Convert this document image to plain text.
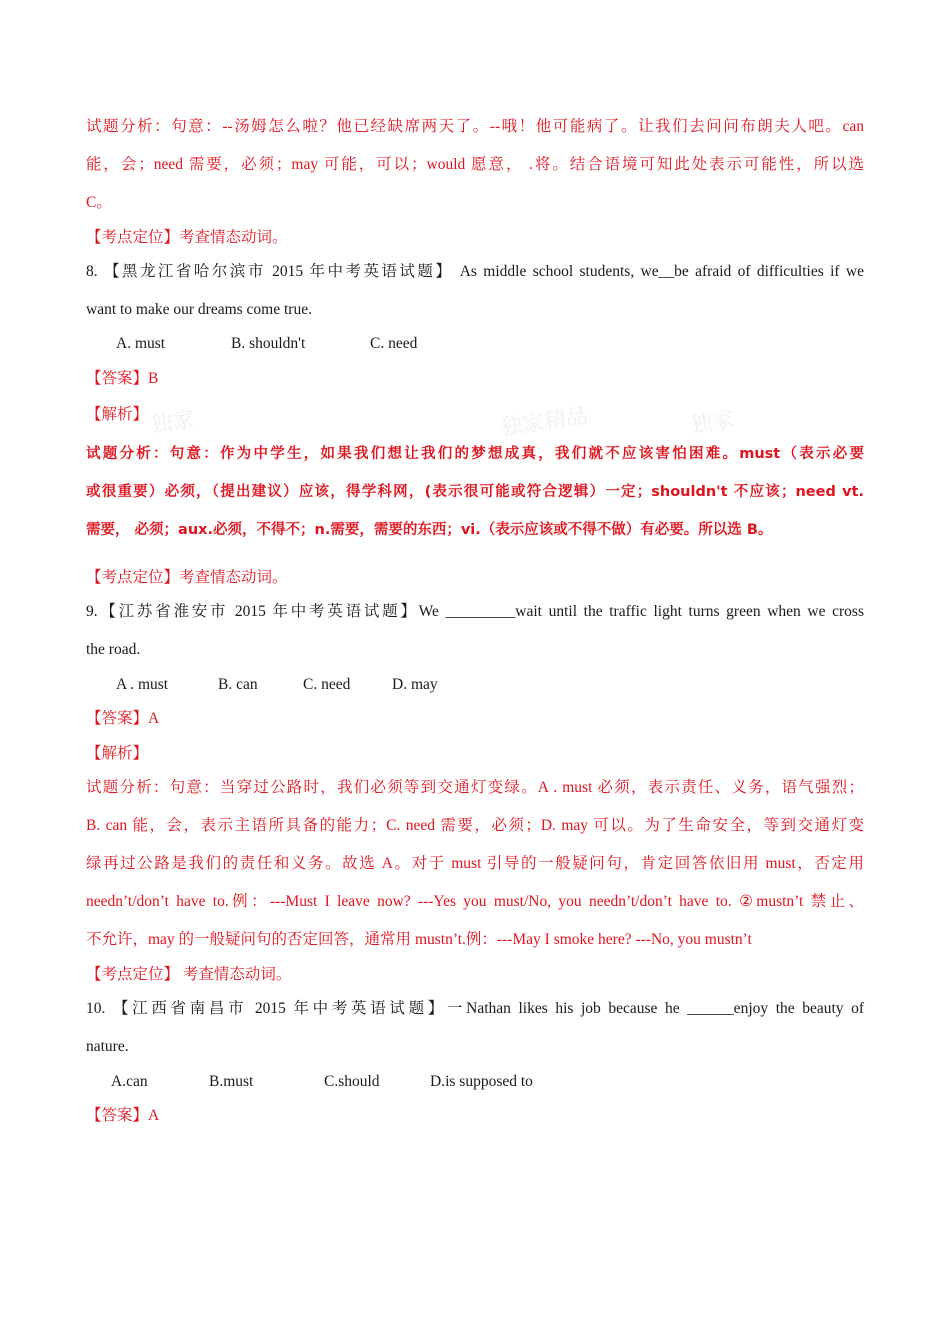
独家	独家精品	独家
试题分析：句意：--汤姆怎么啦？他已经缺席两天了。--哦！他可能病了。让我们去问问布朗夫人吧。can
能，会；need 需要，必须；may 可能，可以；would 愿意， .将。结合语境可知此处表示可能性，所以选
C。
【考点定位】考查情态动词。
8. 【黑龙江省哈尔滨市 2015 年中考英语试题】 As middle school students, we__be afraid of difficulties if we
want to make our dreams come true.
A. must	B. shouldn't	C. need
【答案】B
【解析】
试题分析：句意：作为中学生，如果我们想让我们的梦想成真，我们就不应该害怕困难。must（表示必要
或很重要）必须，（提出建议）应该，得学科网，(表示很可能或符合逻辑）一定；shouldn't 不应该；need vt.
需要， 必须；aux.必须，不得不；n.需要，需要的东西；vi.（表示应该或不得不做）有必要。所以选 B。
【考点定位】考查情态动词。
9.【江苏省淮安市 2015 年中考英语试题】We _________wait until the traffic light turns green when we cross
the road.
A . must	B. can	C. need	D. may
【答案】A
【解析】
试题分析：句意：当穿过公路时，我们必须等到交通灯变绿。A . must 必须，表示责任、义务，语气强烈；
B. can 能，会，表示主语所具备的能力；C. need 需要，必须；D. may 可以。为了生命安全，等到交通灯变
绿再过公路是我们的责任和义务。故选 A。对于 must 引导的一般疑问句，肯定回答依旧用 must，否定用
needn’t/don’t have to.例：---Must I leave now? ---Yes you must/No, you needn’t/don’t have to. ②mustn’t 禁止、
不允许，may 的一般疑问句的否定回答，通常用 mustn’t.例：---May I smoke here? ---No, you mustn’t
【考点定位】 考查情态动词。
10. 【江西省南昌市 2015 年中考英语试题】一Nathan likes his job because he ______enjoy the beauty of
nature.
A.can	B.must	C.should	D.is supposed to
【答案】A
